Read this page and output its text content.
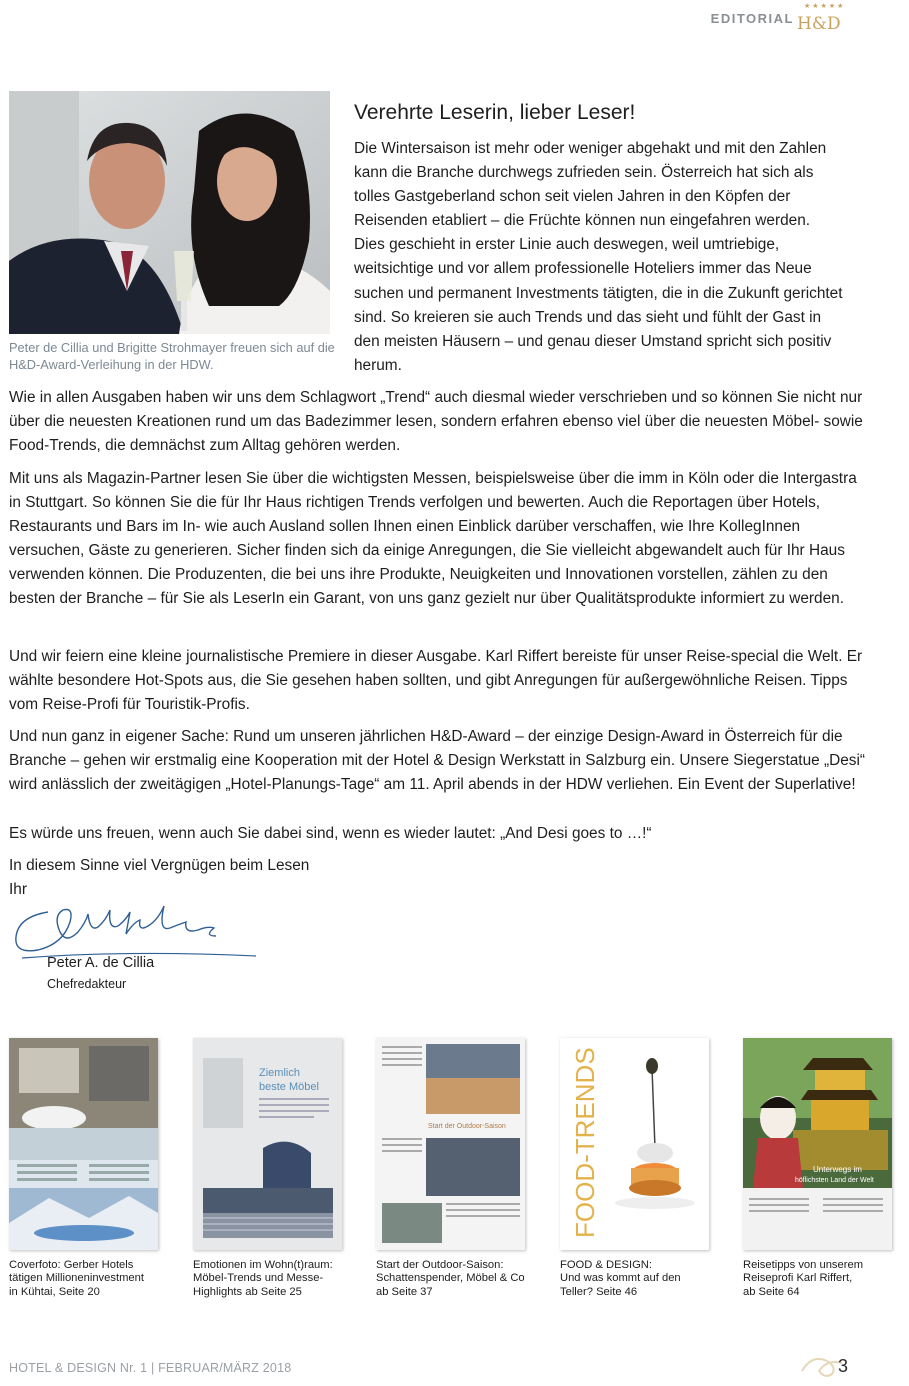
EDITORIAL
★★★★★
H&D
Peter de Cillia und Brigitte Strohmayer freuen sich auf die H&D-Award-Verleihung in der HDW.
Verehrte Leserin, lieber Leser!

Die Wintersaison ist mehr oder weniger abgehakt und mit den Zahlen kann die Branche durchwegs zufrieden sein. Österreich hat sich als tolles Gastgeberland schon seit vielen Jahren in den Köpfen der Reisenden etabliert – die Früchte können nun eingefahren werden. Dies geschieht in erster Linie auch deswegen, weil umtriebige, weitsichtige und vor allem professionelle Hoteliers immer das Neue suchen und permanent Investments tätigten, die in die Zukunft gerichtet sind. So kreieren sie auch Trends und das sieht und fühlt der Gast in den meisten Häusern – und genau dieser Umstand spricht sich positiv herum.

Wie in allen Ausgaben haben wir uns dem Schlagwort „Trend“ auch diesmal wieder verschrieben und so können Sie nicht nur über die neuesten Kreationen rund um das Badezimmer lesen, sondern erfahren ebenso viel über die neuesten Möbel- sowie Food-Trends, die demnächst zum Alltag gehören werden.

Mit uns als Magazin-Partner lesen Sie über die wichtigsten Messen, beispielsweise über die imm in Köln oder die Intergastra in Stuttgart. So können Sie die für Ihr Haus richtigen Trends verfolgen und bewerten. Auch die Reportagen über Hotels, Restaurants und Bars im In- wie auch Ausland sollen Ihnen einen Einblick darüber verschaffen, wie Ihre KollegInnen versuchen, Gäste zu generieren. Sicher finden sich da einige Anregungen, die Sie vielleicht abgewandelt auch für Ihr Haus verwenden können. Die Produzenten, die bei uns ihre Produkte, Neuigkeiten und Innovationen vorstellen, zählen zu den besten der Branche – für Sie als LeserIn ein Garant, von uns ganz gezielt nur über Qualitätsprodukte informiert zu werden.

Und wir feiern eine kleine journalistische Premiere in dieser Ausgabe. Karl Riffert bereiste für unser Reise-special die Welt. Er wählte besondere Hot-Spots aus, die Sie gesehen haben sollten, und gibt Anregungen für außergewöhnliche Reisen. Tipps vom Reise-Profi für Touristik-Profis.

Und nun ganz in eigener Sache: Rund um unseren jährlichen H&D-Award – der einzige Design-Award in Österreich für die Branche – gehen wir erstmalig eine Kooperation mit der Hotel & Design Werkstatt in Salzburg ein. Unsere Siegerstatue „Desi“ wird anlässlich der zweitägigen „Hotel-Planungs-Tage“ am 11. April abends in der HDW verliehen. Ein Event der Superlative!

Es würde uns freuen, wenn auch Sie dabei sind, wenn es wieder lautet: „And Desi goes to …!“

In diesem Sinne viel Vergnügen beim Lesen
Ihr
Peter A. de Cillia
Chefredakteur
Ziemlich
beste Möbel
Start der Outdoor-Saison FOOD-TRENDS	Unterwegs im
höflichsten Land der Welt
Coverfoto: Gerber Hotels
tätigen Millioneninvestment
in Kühtai, Seite 20
Emotionen im Wohn(t)raum:
Möbel-Trends und Messe-
Highlights ab Seite 25
Start der Outdoor-Saison:
Schattenspender, Möbel & Co
ab Seite 37
FOOD & DESIGN:
Und was kommt auf den
Teller? Seite 46
Reisetipps von unserem
Reiseprofi Karl Riffert,
ab Seite 64
HOTEL & DESIGN Nr. 1 | FEBRUAR/MÄRZ 2018	3
